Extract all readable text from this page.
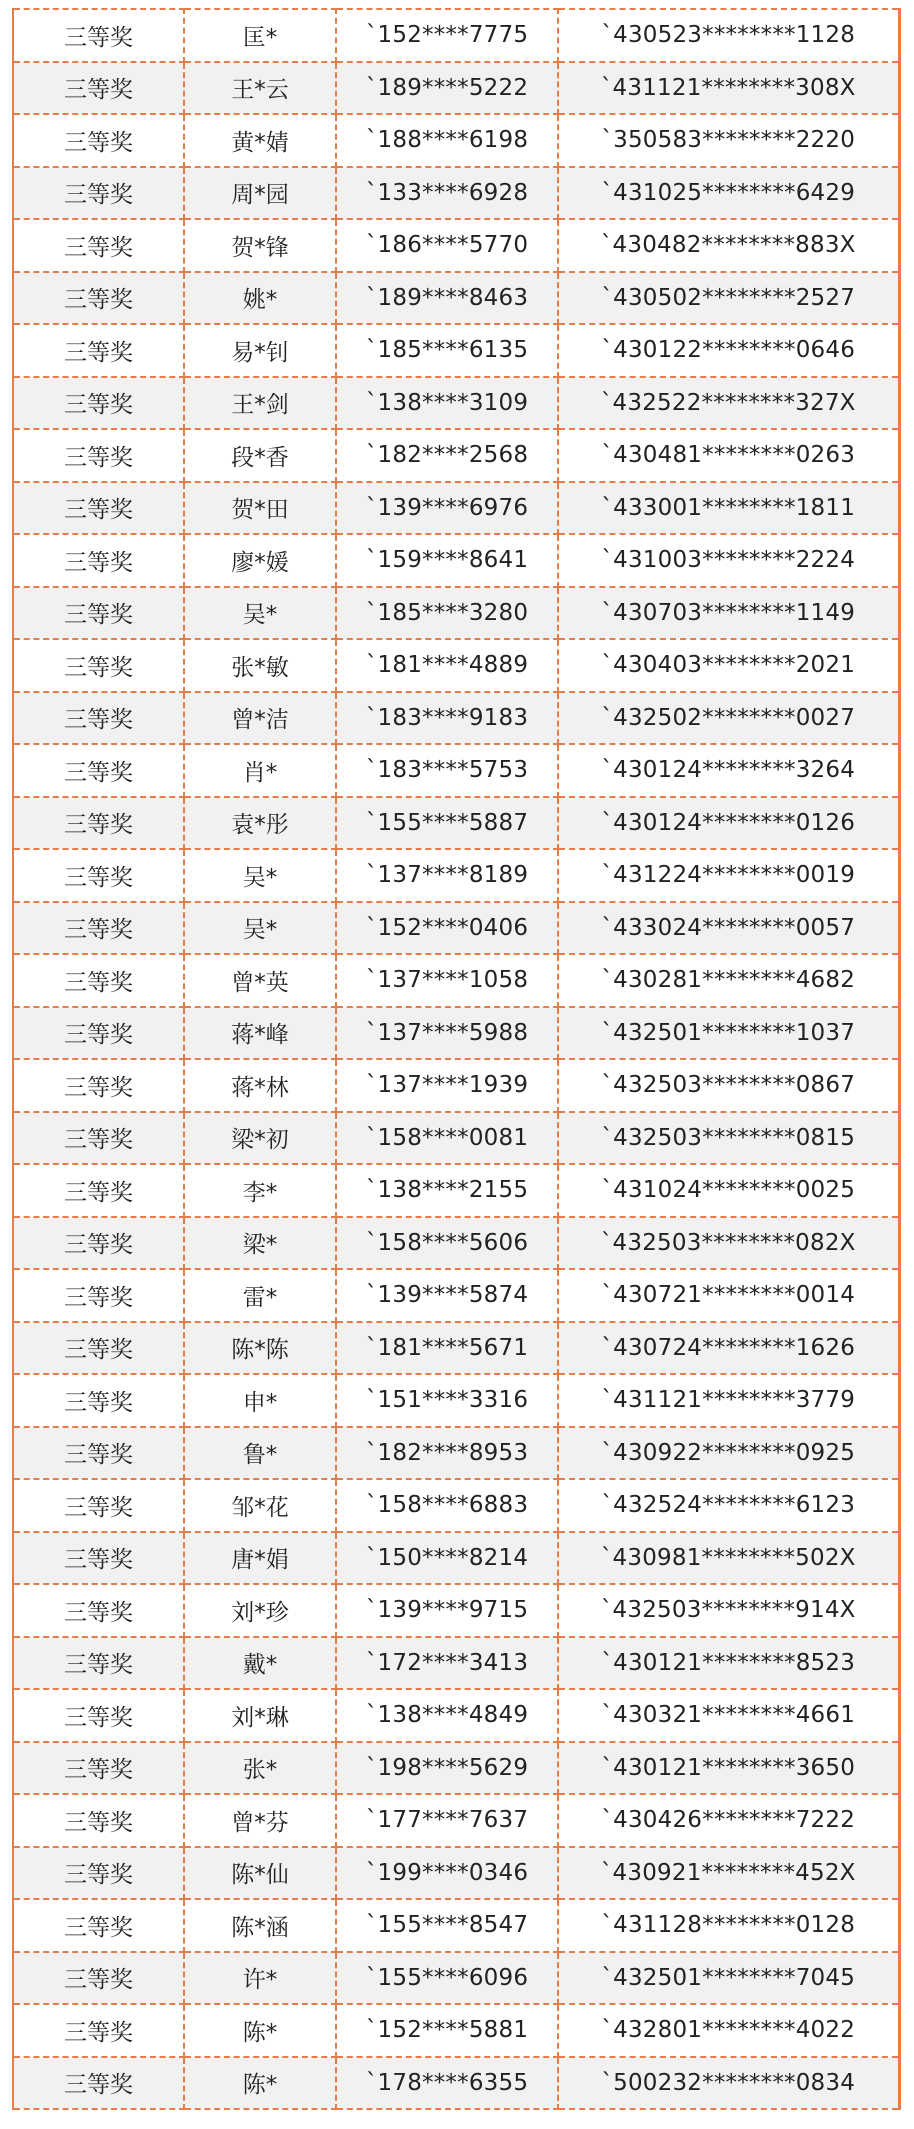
三等奖	匡*	`152****7775	`430523********1128
三等奖	王*云	`189****5222	`431121********308X
三等奖	黄*婧	`188****6198	`350583********2220
三等奖	周*园	`133****6928	`431025********6429
三等奖	贺*锋	`186****5770	`430482********883X
三等奖	姚*	`189****8463	`430502********2527
三等奖	易*钊	`185****6135	`430122********0646
三等奖	王*剑	`138****3109	`432522********327X
三等奖	段*香	`182****2568	`430481********0263
三等奖	贺*田	`139****6976	`433001********1811
三等奖	廖*媛	`159****8641	`431003********2224
三等奖	吴*	`185****3280	`430703********1149
三等奖	张*敏	`181****4889	`430403********2021
三等奖	曾*洁	`183****9183	`432502********0027
三等奖	肖*	`183****5753	`430124********3264
三等奖	袁*彤	`155****5887	`430124********0126
三等奖	吴*	`137****8189	`431224********0019
三等奖	吴*	`152****0406	`433024********0057
三等奖	曾*英	`137****1058	`430281********4682
三等奖	蒋*峰	`137****5988	`432501********1037
三等奖	蒋*林	`137****1939	`432503********0867
三等奖	梁*初	`158****0081	`432503********0815
三等奖	李*	`138****2155	`431024********0025
三等奖	梁*	`158****5606	`432503********082X
三等奖	雷*	`139****5874	`430721********0014
三等奖	陈*陈	`181****5671	`430724********1626
三等奖	申*	`151****3316	`431121********3779
三等奖	鲁*	`182****8953	`430922********0925
三等奖	邹*花	`158****6883	`432524********6123
三等奖	唐*娟	`150****8214	`430981********502X
三等奖	刘*珍	`139****9715	`432503********914X
三等奖	戴*	`172****3413	`430121********8523
三等奖	刘*琳	`138****4849	`430321********4661
三等奖	张*	`198****5629	`430121********3650
三等奖	曾*芬	`177****7637	`430426********7222
三等奖	陈*仙	`199****0346	`430921********452X
三等奖	陈*涵	`155****8547	`431128********0128
三等奖	许*	`155****6096	`432501********7045
三等奖	陈*	`152****5881	`432801********4022
三等奖	陈*	`178****6355	`500232********0834
